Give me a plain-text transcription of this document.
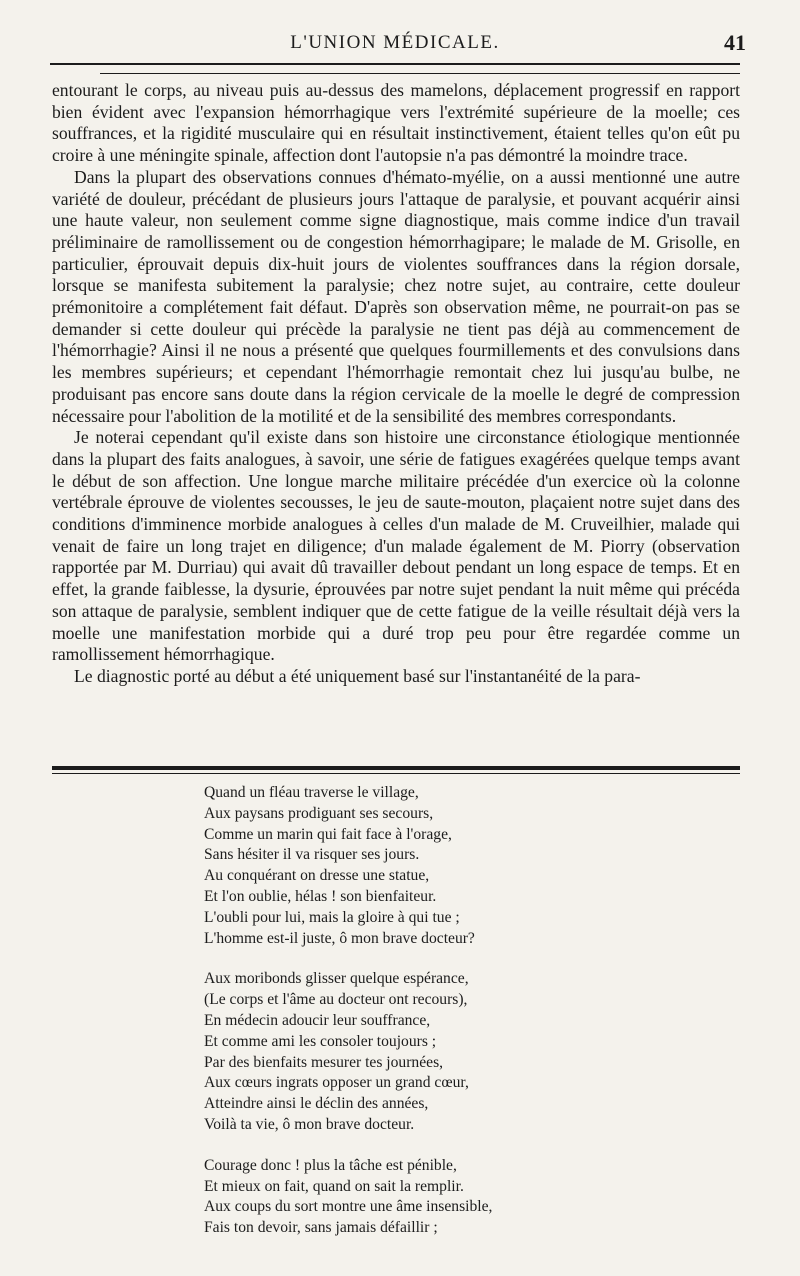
L'UNION MÉDICALE.	41

entourant le corps, au niveau puis au-dessus des mamelons, déplacement progressif en rapport bien évident avec l'expansion hémorrhagique vers l'extrémité supérieure de la moelle; ces souffrances, et la rigidité musculaire qui en résultait instinctivement, étaient telles qu'on eût pu croire à une méningite spinale, affection dont l'autopsie n'a pas démontré la moindre trace.

Dans la plupart des observations connues d'hémato-myélie, on a aussi mentionné une autre variété de douleur, précédant de plusieurs jours l'attaque de paralysie, et pouvant acquérir ainsi une haute valeur, non seulement comme signe diagnostique, mais comme indice d'un travail préliminaire de ramollissement ou de congestion hémorrhagipare; le malade de M. Grisolle, en particulier, éprouvait depuis dix-huit jours de violentes souffrances dans la région dorsale, lorsque se manifesta subitement la paralysie; chez notre sujet, au contraire, cette douleur prémonitoire a complétement fait défaut. D'après son observation même, ne pourrait-on pas se demander si cette douleur qui précède la paralysie ne tient pas déjà au commencement de l'hémorrhagie? Ainsi il ne nous a présenté que quelques fourmillements et des convulsions dans les membres supérieurs; et cependant l'hémorrhagie remontait chez lui jusqu'au bulbe, ne produisant pas encore sans doute dans la région cervicale de la moelle le degré de compression nécessaire pour l'abolition de la motilité et de la sensibilité des membres correspondants.

Je noterai cependant qu'il existe dans son histoire une circonstance étiologique mentionnée dans la plupart des faits analogues, à savoir, une série de fatigues exagérées quelque temps avant le début de son affection. Une longue marche militaire précédée d'un exercice où la colonne vertébrale éprouve de violentes secousses, le jeu de saute-mouton, plaçaient notre sujet dans des conditions d'imminence morbide analogues à celles d'un malade de M. Cruveilhier, malade qui venait de faire un long trajet en diligence; d'un malade également de M. Piorry (observation rapportée par M. Durriau) qui avait dû travailler debout pendant un long espace de temps. Et en effet, la grande faiblesse, la dysurie, éprouvées par notre sujet pendant la nuit même qui précéda son attaque de paralysie, semblent indiquer que de cette fatigue de la veille résultait déjà vers la moelle une manifestation morbide qui a duré trop peu pour être regardée comme un ramollissement hémorrhagique.

Le diagnostic porté au début a été uniquement basé sur l'instantanéité de la para-

Quand un fléau traverse le village,
Aux paysans prodiguant ses secours,
Comme un marin qui fait face à l'orage,
Sans hésiter il va risquer ses jours.
Au conquérant on dresse une statue,
Et l'on oublie, hélas ! son bienfaiteur.
L'oubli pour lui, mais la gloire à qui tue ;
L'homme est-il juste, ô mon brave docteur?
Aux moribonds glisser quelque espérance,
(Le corps et l'âme au docteur ont recours),
En médecin adoucir leur souffrance,
Et comme ami les consoler toujours ;
Par des bienfaits mesurer tes journées,
Aux cœurs ingrats opposer un grand cœur,
Atteindre ainsi le déclin des années,
Voilà ta vie, ô mon brave docteur.
Courage donc ! plus la tâche est pénible,
Et mieux on fait, quand on sait la remplir.
Aux coups du sort montre une âme insensible,
Fais ton devoir, sans jamais défaillir ;
